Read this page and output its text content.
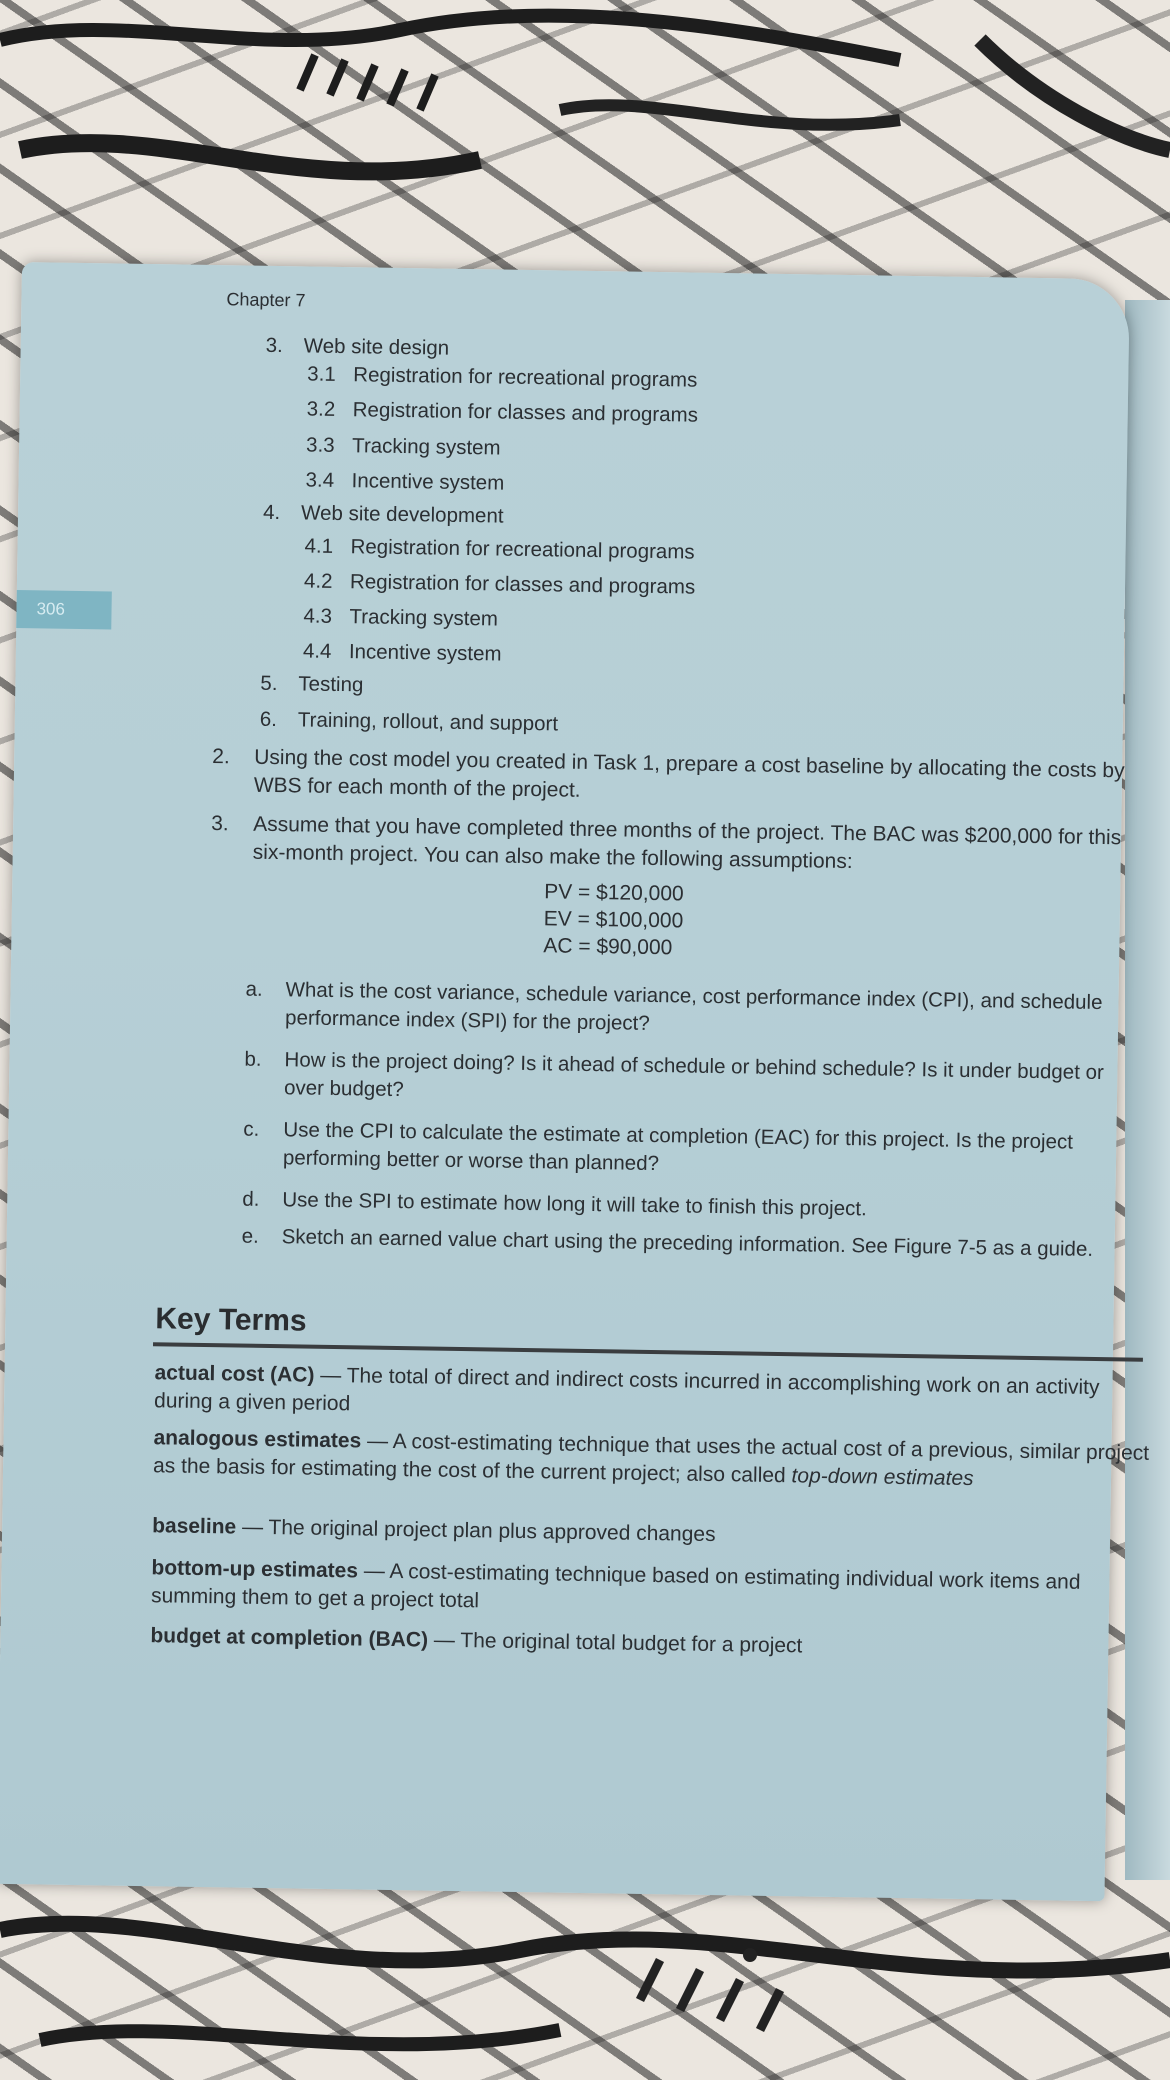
306
Chapter 7
3. Web site design
3.1 Registration for recreational programs
3.2 Registration for classes and programs
3.3 Tracking system
3.4 Incentive system
4. Web site development
4.1 Registration for recreational programs
4.2 Registration for classes and programs
4.3 Tracking system
4.4 Incentive system
5. Testing
6. Training, rollout, and support
2. Using the cost model you created in Task 1, prepare a cost baseline by allocating the costs by WBS for each month of the project.
3. Assume that you have completed three months of the project. The BAC was $200,000 for this six-month project. You can also make the following assumptions:
PV = $120,000
EV = $100,000
AC = $90,000
a. What is the cost variance, schedule variance, cost performance index (CPI), and schedule performance index (SPI) for the project?
b. How is the project doing? Is it ahead of schedule or behind schedule? Is it under budget or over budget?
c. Use the CPI to calculate the estimate at completion (EAC) for this project. Is the project performing better or worse than planned?
d. Use the SPI to estimate how long it will take to finish this project.
e. Sketch an earned value chart using the preceding information. See Figure 7-5 as a guide.
Key Terms
actual cost (AC) — The total of direct and indirect costs incurred in accomplishing work on an activity during a given period
analogous estimates — A cost-estimating technique that uses the actual cost of a previous, similar project as the basis for estimating the cost of the current project; also called top-down estimates
baseline — The original project plan plus approved changes
bottom-up estimates — A cost-estimating technique based on estimating individual work items and summing them to get a project total
budget at completion (BAC) — The original total budget for a project
